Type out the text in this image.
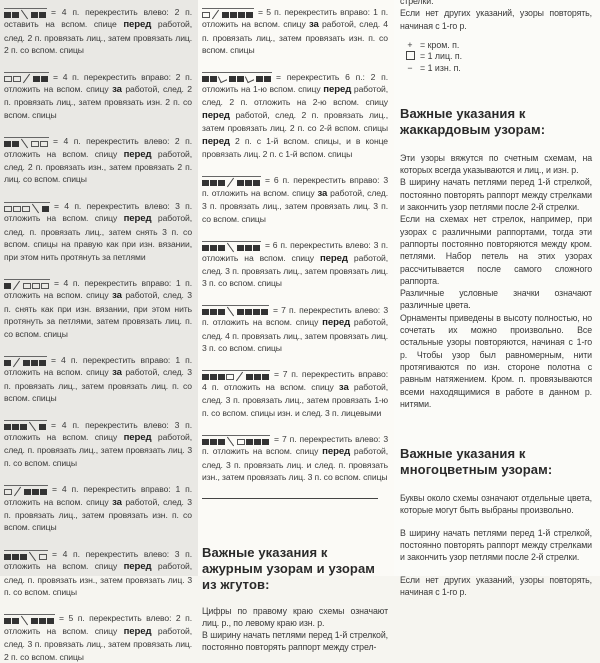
= 4 п. перекрестить влево: 2 п. оставить на вспом. спице перед работой, след. 2 п. провязать лиц., затем провязать лиц. 2 п. со вспом. спицы
= 4 п. перекрестить вправо: 2 п. отложить на вспом. спицу за работой, след. 2 п. провязать лиц., затем провязать изн. 2 п. со вспом. спицы
= 4 п. перекрестить влево: 2 п. отложить на вспом. спицу перед работой, след. 2 п. провязать изн., затем провязать 2 п. лиц. со вспом. спицы
= 4 п. перекрестить влево: 3 п. отложить на вспом. спицу перед работой, след. п. провязать лиц., затем снять 3 п. со вспом. спицы на правую как при изн. вязании, при этом нить протянуть за петлями
= 4 п. перекрестить вправо: 1 п. отложить на вспом. спицу за работой, след. 3 п. снять как при изн. вязании, при этом нить протянуть за петлями, затем провязать лиц. п. со вспом. спицы
= 4 п. перекрестить вправо: 1 п. отложить на вспом. спицу за работой, след. 3 п. провязать лиц., затем провязать лиц. п. со вспом. спицы
= 4 п. перекрестить влево: 3 п. отложить на вспом. спицу перед работой, след. п. провязать лиц., затем провязать лиц. 3 п. со вспом. спицы
= 4 п. перекрестить вправо: 1 п. отложить на вспом. спицу за работой, след. 3 п. провязать лиц., затем провязать изн. п. со вспом. спицы
= 4 п. перекрестить влево: 3 п. отложить на вспом. спицу перед работой, след. п. провязать изн., затем провязать лиц. 3 п. со вспом. спицы
= 5 п. перекрестить влево: 2 п. отложить на вспом. спицу перед работой, след. 3 п. провязать лиц., затем провязать лиц. 2 п. со вспом. спицы
= 5 п. перекрестить вправо: 1 п. отложить на вспом. спицу за работой, след. 4 п. провязать лиц., затем провязать изн. п. со вспом. спицы
= перекрестить 6 п.: 2 п. отложить на 1-ю вспом. спицу перед работой, след. 2 п. отложить на 2-ю вспом. спицу перед работой, след. 2 п. провязать лиц., затем провязать лиц. 2 п. со 2-й вспом. спицы перед 2 п. с 1-й вспом. спицы, и в конце провязать лиц. 2 п. с 1-й вспом. спицы
= 6 п. перекрестить вправо: 3 п. отложить на вспом. спицу за работой, след. 3 п. провязать лиц., затем провязать лиц. 3 п. со вспом. спицы
= 6 п. перекрестить влево: 3 п. отложить на вспом. спицу перед работой, след. 3 п. провязать лиц., затем провязать лиц. 3 п. со вспом. спицы
= 7 п. перекрестить влево: 3 п. отложить на вспом. спицу перед работой, след. 4 п. провязать лиц., затем провязать лиц. 3 п. со вспом. спицы
= 7 п. перекрестить вправо: 4 п. отложить на вспом. спицу за работой, след. 3 п. провязать лиц., затем провязать 1-ю п. со вспом. спицы изн. и след. 3 п. лицевыми
= 7 п. перекрестить влево: 3 п. отложить на вспом. спицу перед работой, след. 3 п. провязать лиц. и след. п. провязать изн., затем провязать лиц. 3 п. со вспом. спицы
Важные указания к ажурным узорам и узорам из жгутов:

Цифры по правому краю схемы означают лиц. р., по левому краю изн. р.

В ширину начать петлями перед 1-й стрелкой, постоянно повторять раппорт между стрел-

стрелки.

Если нет других указаний, узоры повторять, начиная с 1-го р.

+ = кром. п.
= 1 лиц. п.
− = 1 изн. п.
Важные указания к жаккардовым узорам:

Эти узоры вяжутся по счетным схемам, на которых всегда указываются и лиц., и изн. р.

В ширину начать петлями перед 1-й стрелкой, постоянно повторять раппорт между стрелками и закончить узор петлями после 2-й стрелки.

Если на схемах нет стрелок, например, при узорах с различными раппортами, тогда эти раппорты постоянно повторяются между кром. петлями. Набор петель на этих узорах рассчитывается после самого сложного раппорта.

Различные условные значки означают различные цвета.

Орнаменты приведены в высоту полностью, но сочетать их можно произвольно. Все остальные узоры повторяются, начиная с 1-го р. Чтобы узор был равномерным, нити протягиваются по изн. стороне полотна с равным натяжением. Кром. п. провязываются всеми находящимися в работе в данном р. нитями.

Важные указания к многоцветным узорам:

Буквы около схемы означают отдельные цвета, которые могут быть выбраны произвольно.

В ширину начать петлями перед 1-й стрелкой, постоянно повторять раппорт между стрелками и закончить узор петлями после 2-й стрелки.

Если нет других указаний, узоры повторять, начиная с 1-го р.
